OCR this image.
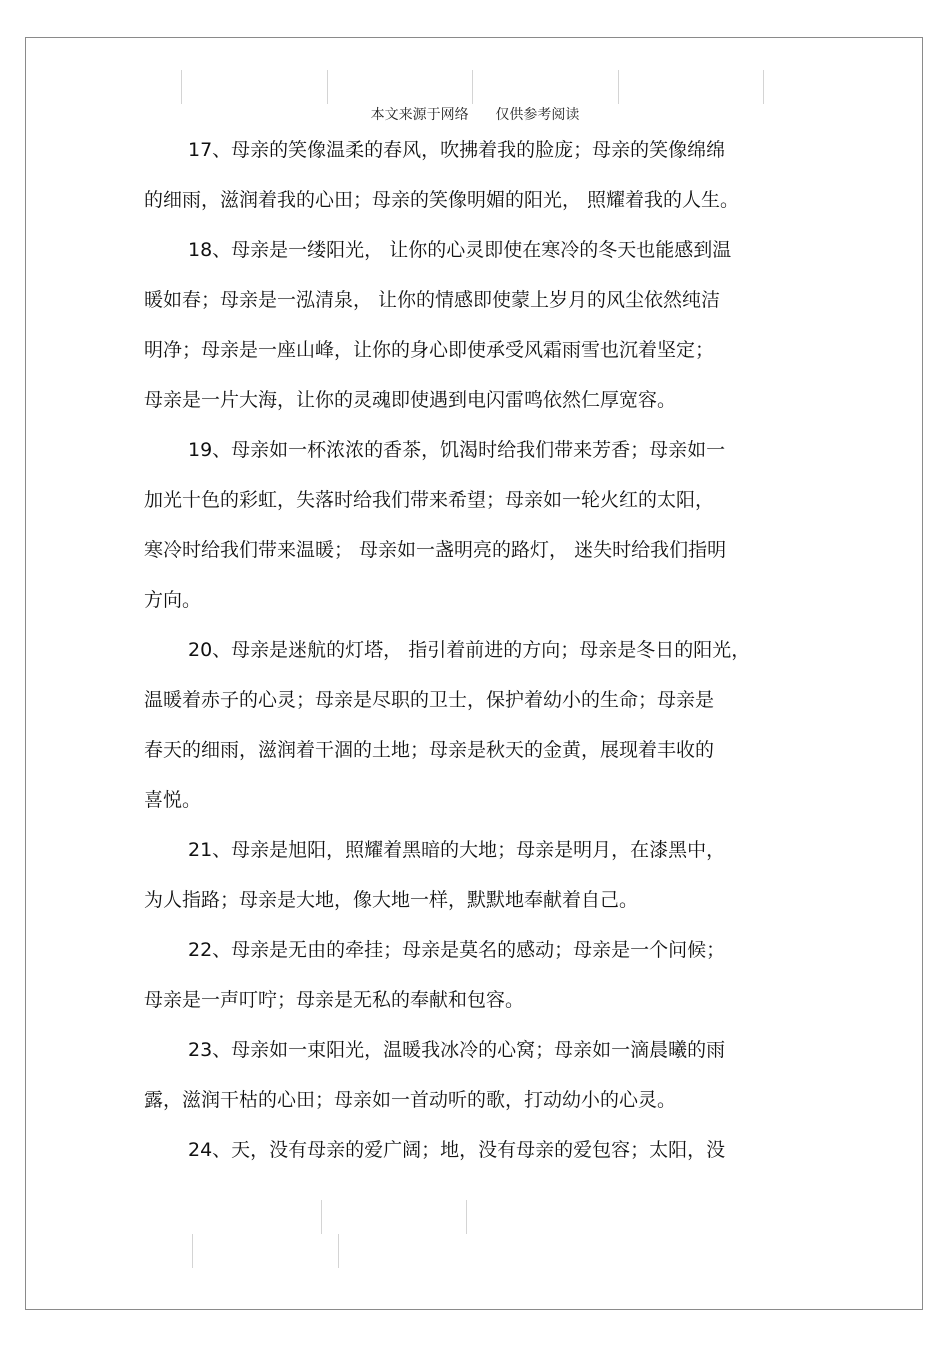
本文来源于网络      仅供参考阅读
17、母亲的笑像温柔的春风，吹拂着我的脸庞；母亲的笑像绵绵
的细雨，滋润着我的心田；母亲的笑像明媚的阳光， 照耀着我的人生。
18、母亲是一缕阳光， 让你的心灵即使在寒冷的冬天也能感到温
暖如春；母亲是一泓清泉， 让你的情感即使蒙上岁月的风尘依然纯洁
明净；母亲是一座山峰，让你的身心即使承受风霜雨雪也沉着坚定；
母亲是一片大海，让你的灵魂即使遇到电闪雷鸣依然仁厚宽容。
19、母亲如一杯浓浓的香茶，饥渴时给我们带来芳香；母亲如一
加光十色的彩虹，失落时给我们带来希望；母亲如一轮火红的太阳，
寒冷时给我们带来温暖； 母亲如一盏明亮的路灯， 迷失时给我们指明
方向。
20、母亲是迷航的灯塔， 指引着前进的方向；母亲是冬日的阳光，
温暖着赤子的心灵；母亲是尽职的卫士，保护着幼小的生命；母亲是
春天的细雨，滋润着干涸的土地；母亲是秋天的金黄，展现着丰收的
喜悦。
21、母亲是旭阳，照耀着黑暗的大地；母亲是明月，在漆黑中，
为人指路；母亲是大地，像大地一样，默默地奉献着自己。
22、母亲是无由的牵挂；母亲是莫名的感动；母亲是一个问候；
母亲是一声叮咛；母亲是无私的奉献和包容。
23、母亲如一束阳光，温暖我冰冷的心窝；母亲如一滴晨曦的雨
露，滋润干枯的心田；母亲如一首动听的歌，打动幼小的心灵。
24、天，没有母亲的爱广阔；地，没有母亲的爱包容；太阳，没
